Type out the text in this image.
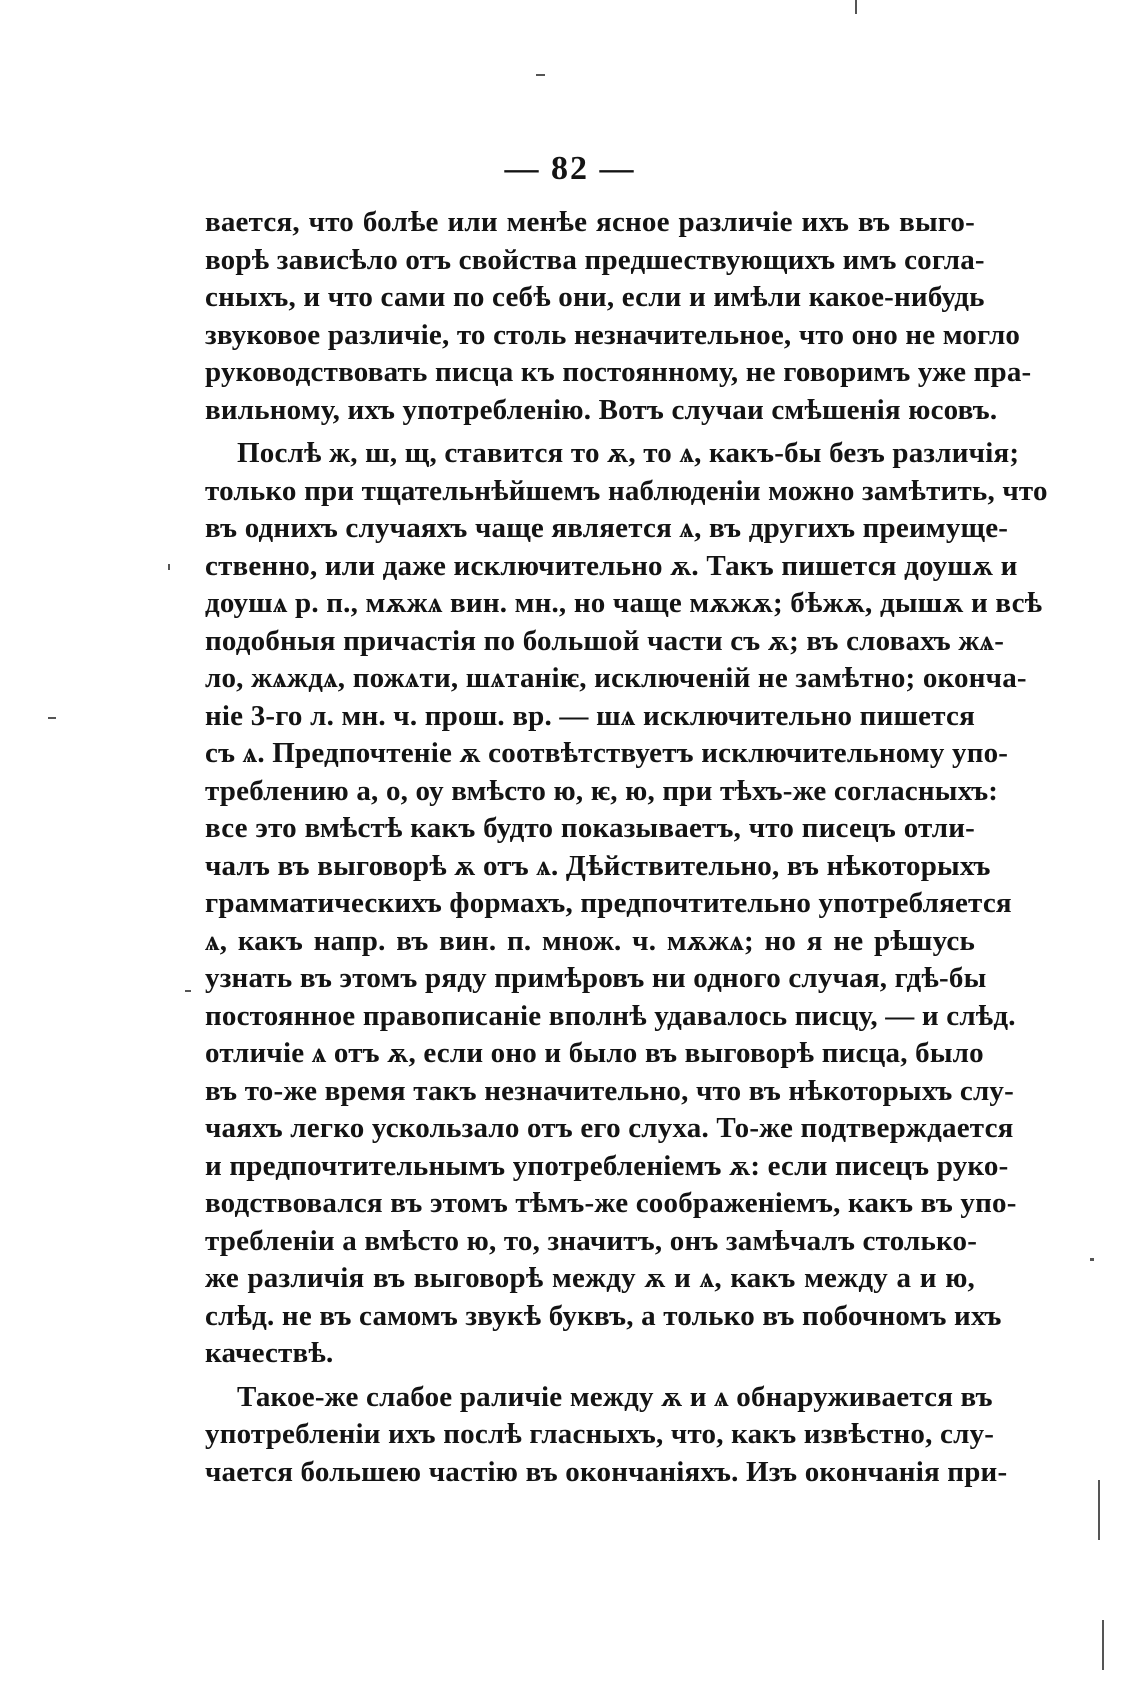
— 82 —
вается, что болѣе или менѣе ясное различіе ихъ въ выго-
ворѣ зависѣло отъ свойства предшествующихъ имъ согла-
сныхъ, и что сами по себѣ они, если и имѣли какое-нибудь
звуковое различіе, то столь незначительное, что оно не могло
руководствовать писца къ постоянному, не говоримъ уже пра-
вильному, ихъ употребленію. Вотъ случаи смѣшенія юсовъ.
Послѣ ж, ш, щ, ставится то ѫ, то ѧ, какъ-бы безъ различія;
только при тщательнѣйшемъ наблюденіи можно замѣтить, что
въ однихъ случаяхъ чаще является ѧ, въ другихъ преимуще-
ственно, или даже исключительно ѫ. Такъ пишется доушѫ и
доушѧ р. п., мѫжѧ вин. мн., но чаще мѫжѫ; бѣжѫ, дышѫ и всѣ
подобныя причастія по большой части съ ѫ; въ словахъ жѧ-
ло, жѧждѧ, пожѧти, шѧтаніѥ, исключеній не замѣтно; оконча-
ніе 3-го л. мн. ч. прош. вр. — шѧ исключительно пишется
съ ѧ. Предпочтеніе ѫ соотвѣтствуетъ исключительному упо-
треблению а, о, оу вмѣсто ю, ѥ, ю, при тѣхъ-же согласныхъ:
все это вмѣстѣ какъ будто показываетъ, что писецъ отли-
чалъ въ выговорѣ ѫ отъ ѧ. Дѣйствительно, въ нѣкоторыхъ
грамматическихъ формахъ, предпочтительно употребляется
ѧ, какъ напр. въ вин. п. множ. ч. мѫжѧ; но я не рѣшусь
узнать въ этомъ ряду примѣровъ ни одного случая, гдѣ-бы
постоянное правописаніе вполнѣ удавалось писцу, — и слѣд.
отличіе ѧ отъ ѫ, если оно и было въ выговорѣ писца, было
въ то-же время такъ незначительно, что въ нѣкоторыхъ слу-
чаяхъ легко ускользало отъ его слуха. То-же подтверждается
и предпочтительнымъ употребленіемъ ѫ: если писецъ руко-
водствовался въ этомъ тѣмъ-же соображеніемъ, какъ въ упо-
требленіи а вмѣсто ю, то, значитъ, онъ замѣчалъ столько-
же различія въ выговорѣ между ѫ и ѧ, какъ между а и ю,
слѣд. не въ самомъ звукѣ буквъ, а только въ побочномъ ихъ
качествѣ.
Такое-же слабое раличіе между ѫ и ѧ обнаруживается въ
употребленіи ихъ послѣ гласныхъ, что, какъ извѣстно, слу-
чается большею частію въ окончаніяхъ. Изъ окончанія при-
